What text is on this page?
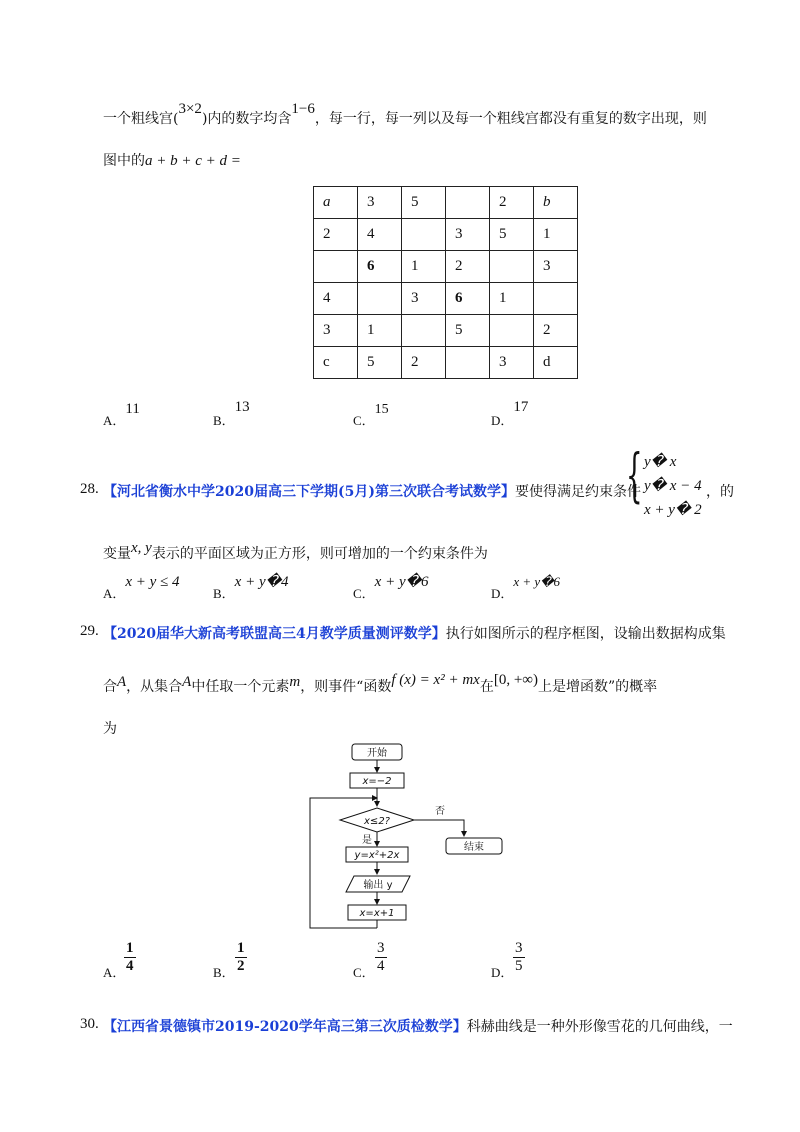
一个粗线宫(3×2)内的数字均含1−6，每一行，每一列以及每一个粗线宫都没有重复的数字出现，则
图中的a + b + c + d =
a	3	5		2	b
2	4		3	5	1
	6	1	2		3
4		3	6	1	
3	1		5		2
c	5	2		3	d
A．11
B．13
C．15
D．17
28. 【河北省衡水中学2020届高三下学期(5月)第三次联合考试数学】要使得满足约束条件
{ y� x
y� x − 4
x + y� 2
，的
变量x, y表示的平面区域为正方形，则可增加的一个约束条件为
A．x + y ≤ 4
B．x + y�4
C．x + y�6
D．x + y�6
29. 【2020届华大新高考联盟高三4月教学质量测评数学】执行如图所示的程序框图，设输出数据构成集
合A，从集合A中任取一个元素m，则事件“函数f (x) = x² + mx在[0, +∞)上是增函数”的概率
为
开始
x=−2
x≤2?
否
结束
是
y=x²+2x
输出 y
x=x+1
A．
$\frac{1}{4}$	B． $\frac{1}{2}$	C． $\frac{3}{4}$	D． $\frac{3}{5}$
30. 【江西省景德镇市2019-2020学年高三第三次质检数学】科赫曲线是一种外形像雪花的几何曲线，一
